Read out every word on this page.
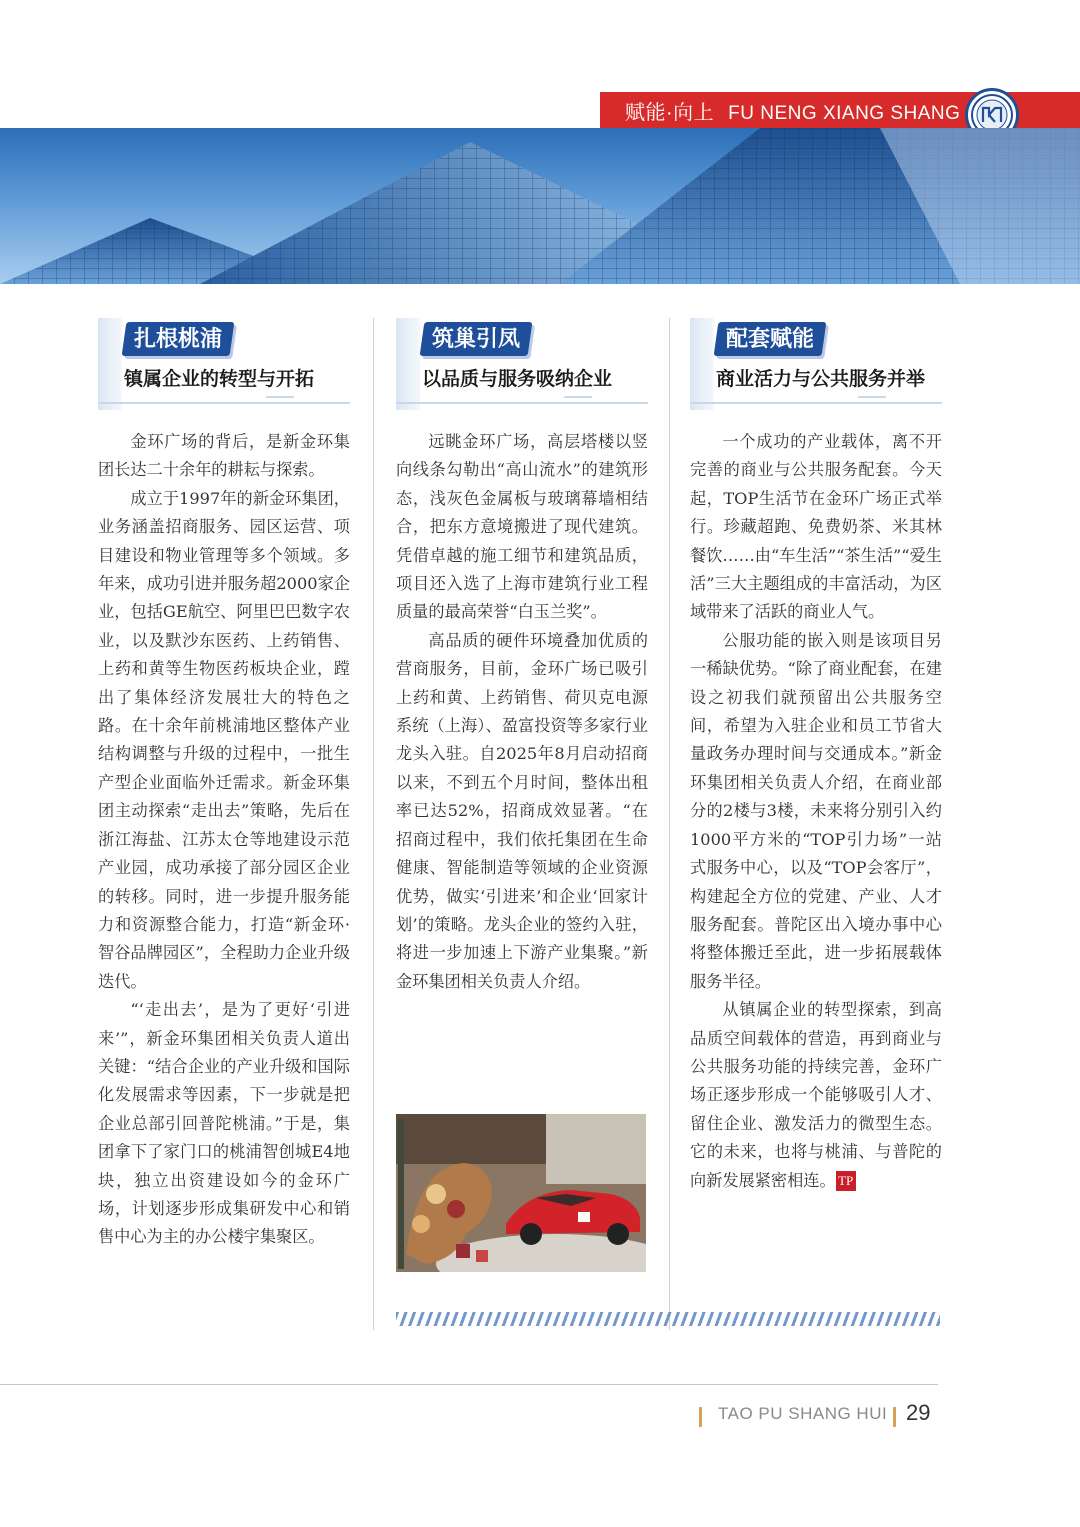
赋能·向上 FU NENG XIANG SHANG
扎根桃浦
镇属企业的转型与开拓
筑巢引凤
以品质与服务吸纳企业
配套赋能
商业活力与公共服务并举

金环广场的背后，是新金环集团长达二十余年的耕耘与探索。

成立于1997年的新金环集团，业务涵盖招商服务、园区运营、项目建设和物业管理等多个领域。多年来，成功引进并服务超2000家企业，包括GE航空、阿里巴巴数字农业，以及默沙东医药、上药销售、上药和黄等生物医药板块企业，蹚出了集体经济发展壮大的特色之路。在十余年前桃浦地区整体产业结构调整与升级的过程中，一批生产型企业面临外迁需求。新金环集团主动探索“走出去”策略，先后在浙江海盐、江苏太仓等地建设示范产业园，成功承接了部分园区企业的转移。同时，进一步提升服务能力和资源整合能力，打造“新金环·智谷品牌园区”，全程助力企业升级迭代。

“‘走出去’，是为了更好‘引进来’”，新金环集团相关负责人道出关键：“结合企业的产业升级和国际化发展需求等因素，下一步就是把企业总部引回普陀桃浦。”于是，集团拿下了家门口的桃浦智创城E4地块，独立出资建设如今的金环广场，计划逐步形成集研发中心和销售中心为主的办公楼宇集聚区。

远眺金环广场，高层塔楼以竖向线条勾勒出“高山流水”的建筑形态，浅灰色金属板与玻璃幕墙相结合，把东方意境搬进了现代建筑。凭借卓越的施工细节和建筑品质，项目还入选了上海市建筑行业工程质量的最高荣誉“白玉兰奖”。

高品质的硬件环境叠加优质的营商服务，目前，金环广场已吸引上药和黄、上药销售、荷贝克电源系统（上海）、盈富投资等多家行业龙头入驻。自2025年8月启动招商以来，不到五个月时间，整体出租率已达52%，招商成效显著。“在招商过程中，我们依托集团在生命健康、智能制造等领域的企业资源优势，做实‘引进来’和企业‘回家计划’的策略。龙头企业的签约入驻，将进一步加速上下游产业集聚。”新金环集团相关负责人介绍。

一个成功的产业载体，离不开完善的商业与公共服务配套。今天起，TOP生活节在金环广场正式举行。珍藏超跑、免费奶茶、米其林餐饮……由“车生活”“茶生活”“爱生活”三大主题组成的丰富活动，为区域带来了活跃的商业人气。

公服功能的嵌入则是该项目另一稀缺优势。“除了商业配套，在建设之初我们就预留出公共服务空间，希望为入驻企业和员工节省大量政务办理时间与交通成本。”新金环集团相关负责人介绍，在商业部分的2楼与3楼，未来将分别引入约1000平方米的“TOP引力场”一站式服务中心，以及“TOP会客厅”，构建起全方位的党建、产业、人才服务配套。普陀区出入境办事中心将整体搬迁至此，进一步拓展载体服务半径。

从镇属企业的转型探索，到高品质空间载体的营造，再到商业与公共服务功能的持续完善，金环广场正逐步形成一个能够吸引人才、留住企业、激发活力的微型生态。它的未来，也将与桃浦、与普陀的向新发展紧密相连。 TP

TAO PU SHANG HUI 29
